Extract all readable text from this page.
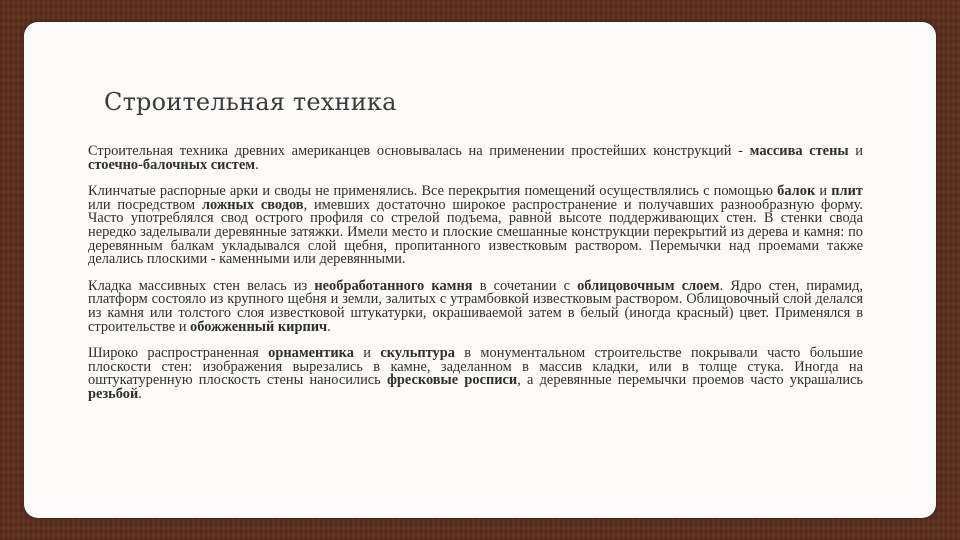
Строительная техника

Строительная техника древних американцев основывалась на применении простейших конструкций - массива стены и стоечно-балочных систем.

Клинчатые распорные арки и своды не применялись. Все перекрытия помещений осуществлялись с помощью балок и плит или посредством ложных сводов, имевших достаточно широкое распространение и получавших разнообразную форму. Часто употреблялся свод острого профиля со стрелой подъема, равной высоте поддерживающих стен. В стенки свода нередко заделывали деревянные затяжки. Имели место и плоские смешанные конструкции перекрытий из дерева и камня: по деревянным балкам укладывался слой щебня, пропитанного известковым раствором. Перемычки над проемами также делались плоскими - каменными или деревянными.

Кладка массивных стен велась из необработанного камня в сочетании с облицовочным слоем. Ядро стен, пирамид, платформ состояло из крупного щебня и земли, залитых с утрамбовкой известковым раствором. Облицовочный слой делался из камня или толстого слоя известковой штукатурки, окрашиваемой затем в белый (иногда красный) цвет. Применялся в строительстве и обожженный кирпич.

Широко распространенная орнаментика и скульптура в монументальном строительстве покрывали часто большие плоскости стен: изображения вырезались в камне, заделанном в массив кладки, или в толще стука. Иногда на оштукатуренную плоскость стены наносились фресковые росписи, а деревянные перемычки проемов часто украшались резьбой.
